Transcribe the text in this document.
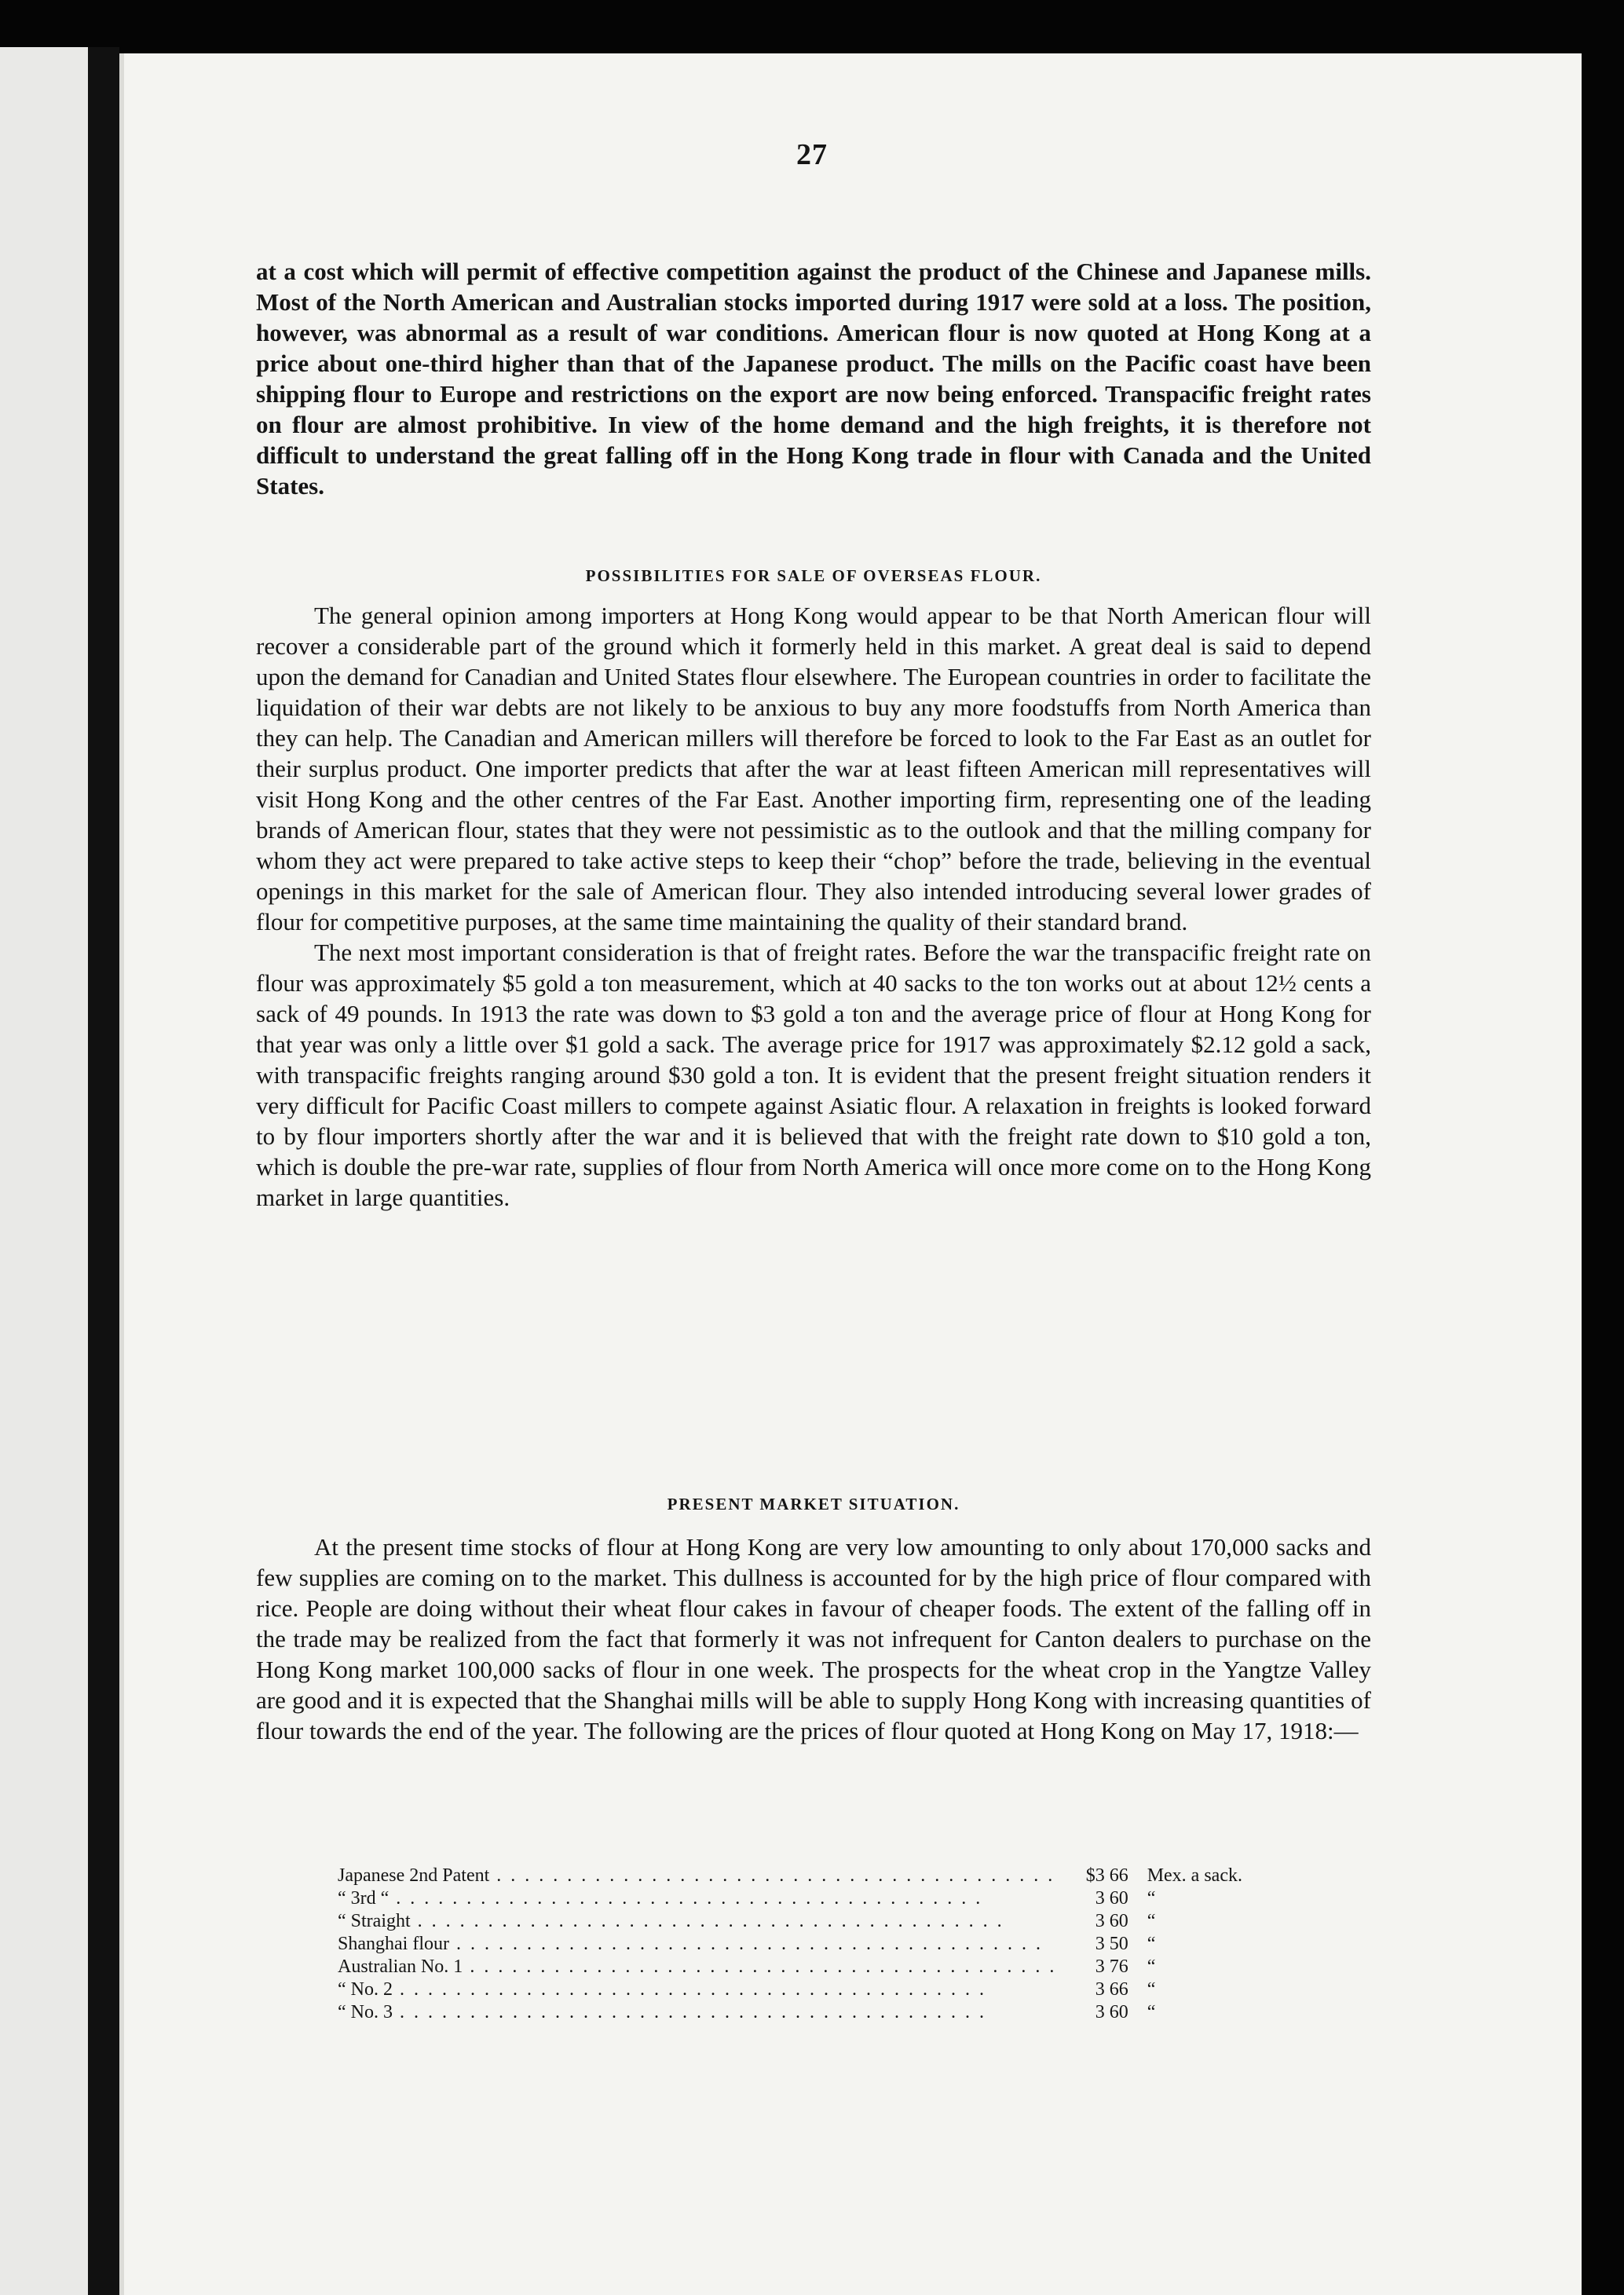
27

at a cost which will permit of effective competition against the product of the Chinese and Japanese mills. Most of the North American and Australian stocks imported during 1917 were sold at a loss. The position, however, was abnormal as a result of war conditions. American flour is now quoted at Hong Kong at a price about one-third higher than that of the Japanese product. The mills on the Pacific coast have been shipping flour to Europe and restrictions on the export are now being enforced. Transpacific freight rates on flour are almost prohibitive. In view of the home demand and the high freights, it is therefore not difficult to understand the great falling off in the Hong Kong trade in flour with Canada and the United States.

POSSIBILITIES FOR SALE OF OVERSEAS FLOUR.

The general opinion among importers at Hong Kong would appear to be that North American flour will recover a considerable part of the ground which it formerly held in this market. A great deal is said to depend upon the demand for Canadian and United States flour elsewhere. The European countries in order to facilitate the liquidation of their war debts are not likely to be anxious to buy any more foodstuffs from North America than they can help. The Canadian and American millers will therefore be forced to look to the Far East as an outlet for their surplus product. One importer predicts that after the war at least fifteen American mill representatives will visit Hong Kong and the other centres of the Far East. Another importing firm, representing one of the leading brands of American flour, states that they were not pessimistic as to the outlook and that the milling company for whom they act were prepared to take active steps to keep their “chop” before the trade, believing in the eventual openings in this market for the sale of American flour. They also intended introducing several lower grades of flour for competitive purposes, at the same time maintaining the quality of their standard brand.

The next most important consideration is that of freight rates. Before the war the transpacific freight rate on flour was approximately $5 gold a ton measurement, which at 40 sacks to the ton works out at about 12½ cents a sack of 49 pounds. In 1913 the rate was down to $3 gold a ton and the average price of flour at Hong Kong for that year was only a little over $1 gold a sack. The average price for 1917 was approximately $2.12 gold a sack, with transpacific freights ranging around $30 gold a ton. It is evident that the present freight situation renders it very difficult for Pacific Coast millers to compete against Asiatic flour. A relaxation in freights is looked forward to by flour importers shortly after the war and it is believed that with the freight rate down to $10 gold a ton, which is double the pre-war rate, supplies of flour from North America will once more come on to the Hong Kong market in large quantities.

PRESENT MARKET SITUATION.

At the present time stocks of flour at Hong Kong are very low amounting to only about 170,000 sacks and few supplies are coming on to the market. This dullness is accounted for by the high price of flour compared with rice. People are doing without their wheat flour cakes in favour of cheaper foods. The extent of the falling off in the trade may be realized from the fact that formerly it was not infrequent for Canton dealers to purchase on the Hong Kong market 100,000 sacks of flour in one week. The prospects for the wheat crop in the Yangtze Valley are good and it is expected that the Shanghai mills will be able to supply Hong Kong with increasing quantities of flour towards the end of the year. The following are the prices of flour quoted at Hong Kong on May 17, 1918:—

Japanese 2nd Patent . . .	$3 66	Mex. a sack.
“ 3rd “ . . .	3 60	“
“ Straight . . .	3 60	“
Shanghai flour . . .	3 50	“
Australian No. 1 . . .	3 76	“
“ No. 2 . . .	3 66	“
“ No. 3 . . .	3 60	“
